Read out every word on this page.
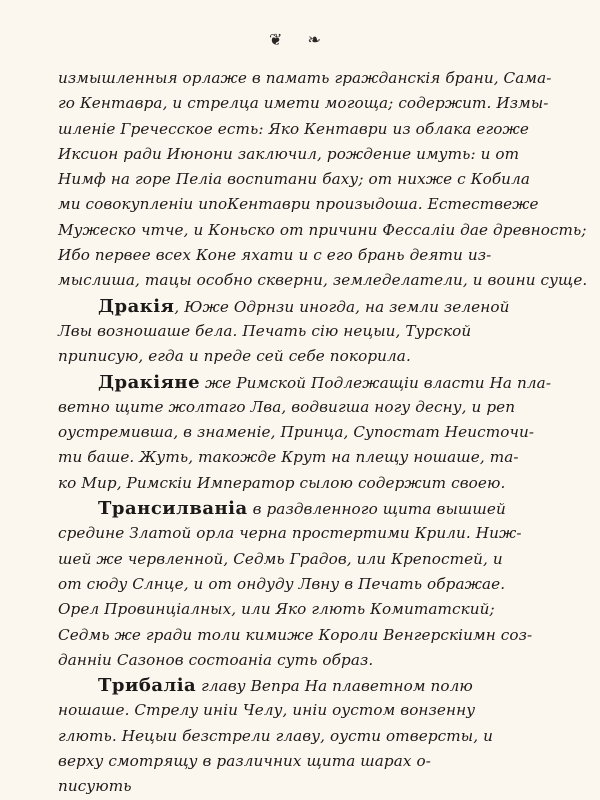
❦ ❧
измышленныя орлаже в памать гражданскiя брани, Сама-
го Кентавра, и стрелца имети могоща; содержит. Измы-
шленiе Гречесское есть: Яко Кентаври из облака егоже
Иксион ради Июнони заключил, рождение имуть: и от
Нимф на горе Пелiа воспитани баху; от нихже с Кобила
ми совокупленiи ипоКентаври произыдоша. Естествеже
Мужеско чтче, и Коньско от причини Фессалiи дае древность;
Ибо первее всех Коне яхати и с его брань деяти из-
мыслиша, тацы особно скверни, земледелатели, и воини суще.
Дракiя, Юже Одрнзи иногда, на земли зеленой
Лвы возношаше бела. Печать сiю нецыи, Турской
приписую, егда и преде сей себе покорила.
Дракiяне же Римской Подлежащiи власти На пла-
ветно щите жолтаго Лва, водвигша ногу десну, и реп
оустремивша, в знаменiе, Принца, Супостат Неисточи-
ти баше. Жуть, такожде Крут на плещу ношаше, та-
ко Мир, Римскiи Император сылою содержит своею.
Трансилванiа в раздвленного щита вышшей
средине Златой орла черна простертими Крили. Ниж-
шей же червленной, Седмь Градов, или Крепостей, и
от сюду Слнце, и от ондуду Лвну в Печать ображае.
Орел Провинцiалных, или Яко глють Комитатский;
Седмь же гради толи кимиже Короли Венгерскiимн соз-
даннiи Сазонов состоанiа суть образ.
Трибалiа главу Вепра На плаветном полю
ношаше. Стрелу инiи Челу, инiи оустом вонзенну
глють. Нецыи безстрели главу, оусти отверсты, и
верху смотрящу в различних щита шарах о-
писують
